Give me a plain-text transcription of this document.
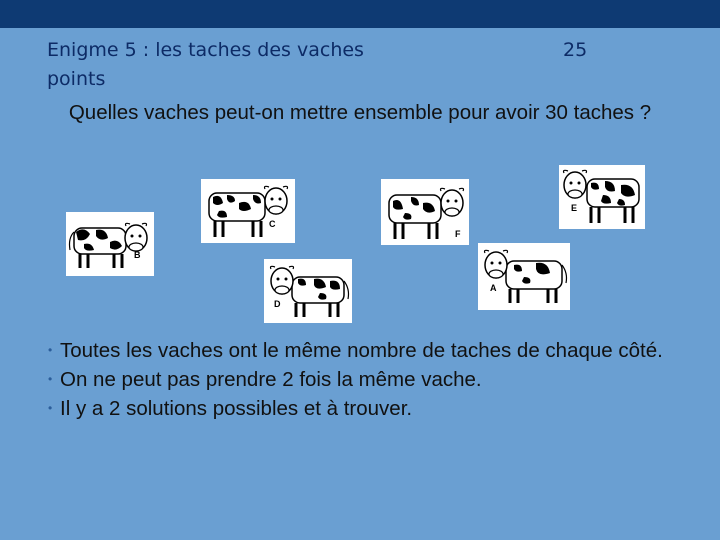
Enigme 5 : les taches des vaches	25
points
Quelles vaches peut-on mettre ensemble pour avoir 30 taches ?
B
C
D
F
A
E
• Toutes les vaches ont le même nombre de taches de chaque côté.
• On ne peut pas prendre 2 fois la même vache.
• Il y a 2 solutions possibles et à trouver.
